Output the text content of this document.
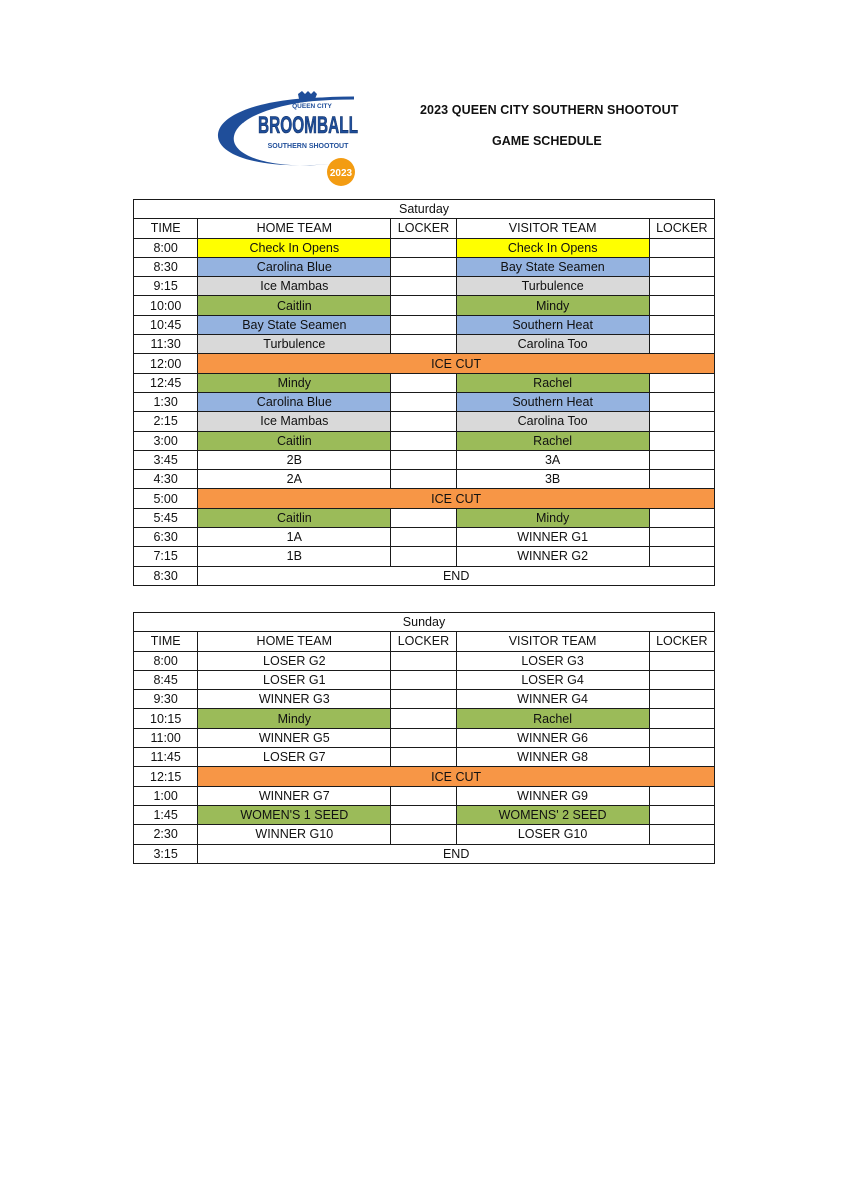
QUEEN CITY
BROOMBALL
SOUTHERN SHOOTOUT
2023
2023 QUEEN CITY SOUTHERN SHOOTOUT
GAME SCHEDULE
Saturday				
TIME	HOME TEAM	LOCKER	VISITOR TEAM	LOCKER
8:00	Check In Opens		Check In Opens	
8:30	Carolina Blue		Bay State Seamen	
9:15	Ice Mambas		Turbulence	
10:00	Caitlin		Mindy	
10:45	Bay State Seamen		Southern Heat	
11:30	Turbulence		Carolina Too	
12:00	ICE CUT			
12:45	Mindy		Rachel	
1:30	Carolina Blue		Southern Heat	
2:15	Ice Mambas		Carolina Too	
3:00	Caitlin		Rachel	
3:45	2B		3A	
4:30	2A		3B	
5:00	ICE CUT			
5:45	Caitlin		Mindy	
6:30	1A		WINNER G1	
7:15	1B		WINNER G2	
8:30	END			
Sunday				
TIME	HOME TEAM	LOCKER	VISITOR TEAM	LOCKER
8:00	LOSER G2		LOSER G3	
8:45	LOSER G1		LOSER G4	
9:30	WINNER G3		WINNER G4	
10:15	Mindy		Rachel	
11:00	WINNER G5		WINNER G6	
11:45	LOSER G7		WINNER G8	
12:15	ICE CUT			
1:00	WINNER G7		WINNER G9	
1:45	WOMEN'S 1 SEED		WOMENS' 2 SEED	
2:30	WINNER G10		LOSER G10	
3:15	END			
